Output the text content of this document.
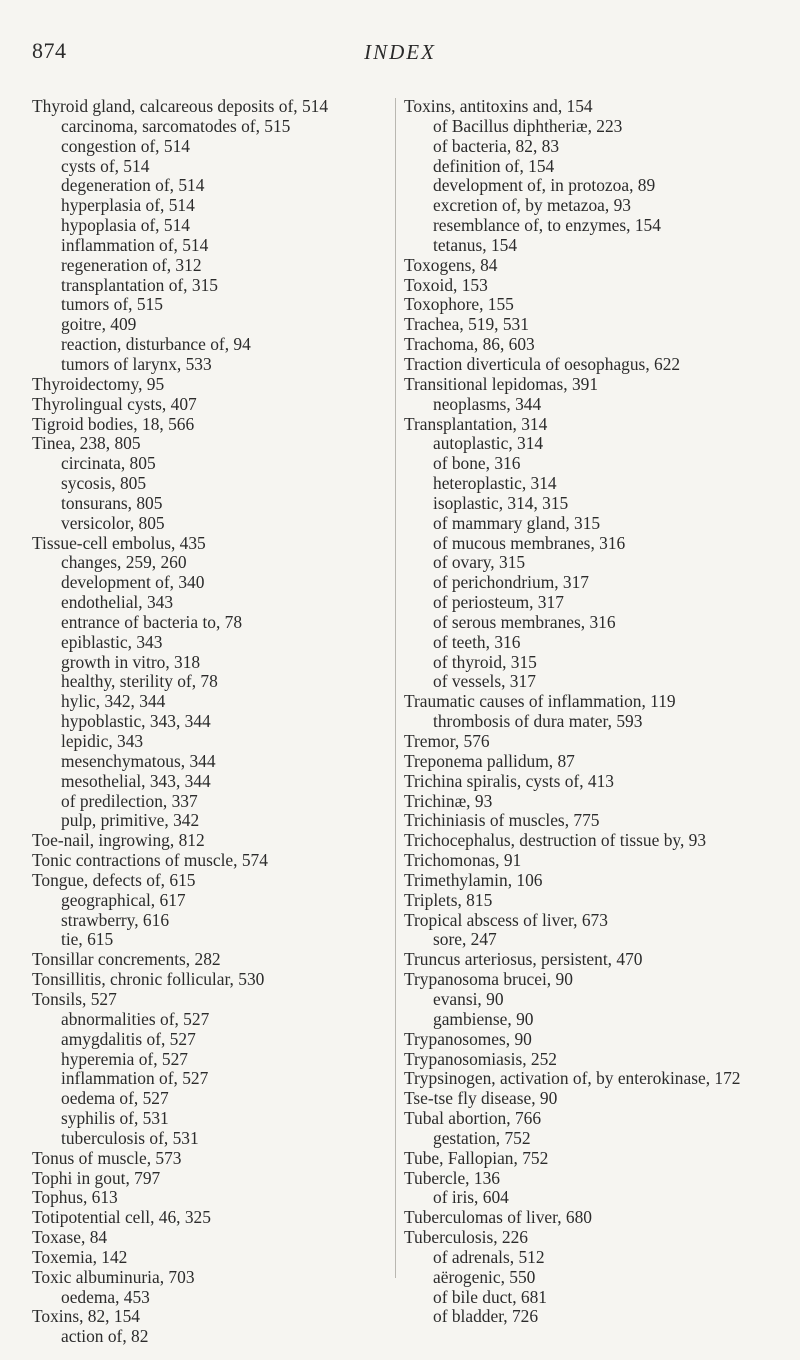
874	INDEX
Thyroid gland, calcareous deposits of, 514
carcinoma, sarcomatodes of, 515
congestion of, 514
cysts of, 514
degeneration of, 514
hyperplasia of, 514
hypoplasia of, 514
inflammation of, 514
regeneration of, 312
transplantation of, 315
tumors of, 515
goitre, 409
reaction, disturbance of, 94
tumors of larynx, 533
Thyroidectomy, 95
Thyrolingual cysts, 407
Tigroid bodies, 18, 566
Tinea, 238, 805
circinata, 805
sycosis, 805
tonsurans, 805
versicolor, 805
Tissue-cell embolus, 435
changes, 259, 260
development of, 340
endothelial, 343
entrance of bacteria to, 78
epiblastic, 343
growth in vitro, 318
healthy, sterility of, 78
hylic, 342, 344
hypoblastic, 343, 344
lepidic, 343
mesenchymatous, 344
mesothelial, 343, 344
of predilection, 337
pulp, primitive, 342
Toe-nail, ingrowing, 812
Tonic contractions of muscle, 574
Tongue, defects of, 615
geographical, 617
strawberry, 616
tie, 615
Tonsillar concrements, 282
Tonsillitis, chronic follicular, 530
Tonsils, 527
abnormalities of, 527
amygdalitis of, 527
hyperemia of, 527
inflammation of, 527
oedema of, 527
syphilis of, 531
tuberculosis of, 531
Tonus of muscle, 573
Tophi in gout, 797
Tophus, 613
Totipotential cell, 46, 325
Toxase, 84
Toxemia, 142
Toxic albuminuria, 703
oedema, 453
Toxins, 82, 154
action of, 82
Toxins, antitoxins and, 154
of Bacillus diphtheriæ, 223
of bacteria, 82, 83
definition of, 154
development of, in protozoa, 89
excretion of, by metazoa, 93
resemblance of, to enzymes, 154
tetanus, 154
Toxogens, 84
Toxoid, 153
Toxophore, 155
Trachea, 519, 531
Trachoma, 86, 603
Traction diverticula of oesophagus, 622
Transitional lepidomas, 391
neoplasms, 344
Transplantation, 314
autoplastic, 314
of bone, 316
heteroplastic, 314
isoplastic, 314, 315
of mammary gland, 315
of mucous membranes, 316
of ovary, 315
of perichondrium, 317
of periosteum, 317
of serous membranes, 316
of teeth, 316
of thyroid, 315
of vessels, 317
Traumatic causes of inflammation, 119
thrombosis of dura mater, 593
Tremor, 576
Treponema pallidum, 87
Trichina spiralis, cysts of, 413
Trichinæ, 93
Trichiniasis of muscles, 775
Trichocephalus, destruction of tissue by, 93
Trichomonas, 91
Trimethylamin, 106
Triplets, 815
Tropical abscess of liver, 673
sore, 247
Truncus arteriosus, persistent, 470
Trypanosoma brucei, 90
evansi, 90
gambiense, 90
Trypanosomes, 90
Trypanosomiasis, 252
Trypsinogen, activation of, by enterokinase, 172
Tse-tse fly disease, 90
Tubal abortion, 766
gestation, 752
Tube, Fallopian, 752
Tubercle, 136
of iris, 604
Tuberculomas of liver, 680
Tuberculosis, 226
of adrenals, 512
aërogenic, 550
of bile duct, 681
of bladder, 726
